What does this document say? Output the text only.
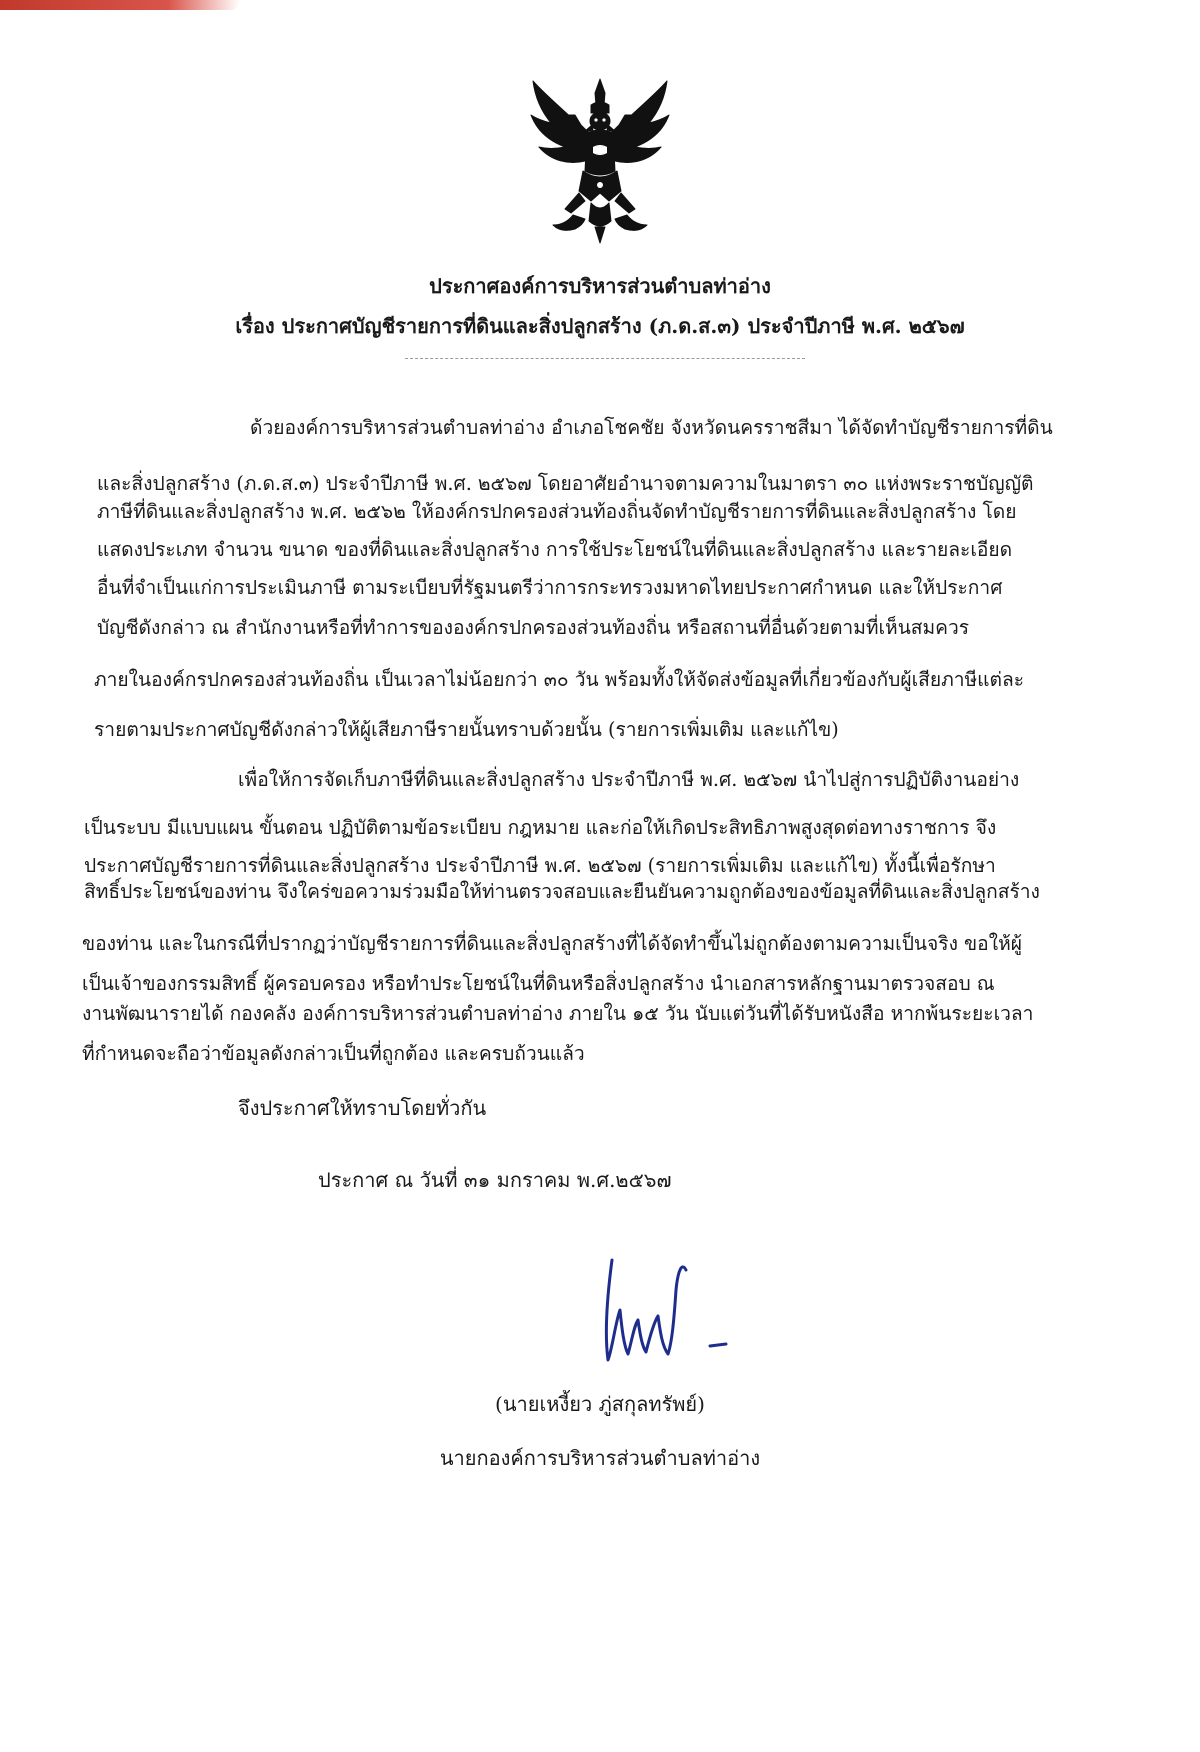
ประกาศองค์การบริหารส่วนตำบลท่าอ่าง
เรื่อง ประกาศบัญชีรายการที่ดินและสิ่งปลูกสร้าง (ภ.ด.ส.๓) ประจำปีภาษี พ.ศ. ๒๕๖๗
ด้วยองค์การบริหารส่วนตำบลท่าอ่าง อำเภอโชคชัย จังหวัดนครราชสีมา ได้จัดทำบัญชีรายการที่ดิน
และสิ่งปลูกสร้าง (ภ.ด.ส.๓) ประจำปีภาษี พ.ศ. ๒๕๖๗ โดยอาศัยอำนาจตามความในมาตรา ๓๐ แห่งพระราชบัญญัติ
ภาษีที่ดินและสิ่งปลูกสร้าง พ.ศ. ๒๕๖๒ ให้องค์กรปกครองส่วนท้องถิ่นจัดทำบัญชีรายการที่ดินและสิ่งปลูกสร้าง โดย
แสดงประเภท จำนวน ขนาด ของที่ดินและสิ่งปลูกสร้าง การใช้ประโยชน์ในที่ดินและสิ่งปลูกสร้าง และรายละเอียด
อื่นที่จำเป็นแก่การประเมินภาษี ตามระเบียบที่รัฐมนตรีว่าการกระทรวงมหาดไทยประกาศกำหนด และให้ประกาศ
บัญชีดังกล่าว ณ สำนักงานหรือที่ทำการขององค์กรปกครองส่วนท้องถิ่น หรือสถานที่อื่นด้วยตามที่เห็นสมควร
ภายในองค์กรปกครองส่วนท้องถิ่น เป็นเวลาไม่น้อยกว่า ๓๐ วัน พร้อมทั้งให้จัดส่งข้อมูลที่เกี่ยวข้องกับผู้เสียภาษีแต่ละ
รายตามประกาศบัญชีดังกล่าวให้ผู้เสียภาษีรายนั้นทราบด้วยนั้น (รายการเพิ่มเติม และแก้ไข)
เพื่อให้การจัดเก็บภาษีที่ดินและสิ่งปลูกสร้าง ประจำปีภาษี พ.ศ. ๒๕๖๗ นำไปสู่การปฏิบัติงานอย่าง
เป็นระบบ มีแบบแผน ขั้นตอน ปฏิบัติตามข้อระเบียบ กฎหมาย และก่อให้เกิดประสิทธิภาพสูงสุดต่อทางราชการ จึง
ประกาศบัญชีรายการที่ดินและสิ่งปลูกสร้าง ประจำปีภาษี พ.ศ. ๒๕๖๗ (รายการเพิ่มเติม และแก้ไข) ทั้งนี้เพื่อรักษา
สิทธิ์ประโยชน์ของท่าน จึงใคร่ขอความร่วมมือให้ท่านตรวจสอบและยืนยันความถูกต้องของข้อมูลที่ดินและสิ่งปลูกสร้าง
ของท่าน และในกรณีที่ปรากฏว่าบัญชีรายการที่ดินและสิ่งปลูกสร้างที่ได้จัดทำขึ้นไม่ถูกต้องตามความเป็นจริง ขอให้ผู้
เป็นเจ้าของกรรมสิทธิ์ ผู้ครอบครอง หรือทำประโยชน์ในที่ดินหรือสิ่งปลูกสร้าง นำเอกสารหลักฐานมาตรวจสอบ ณ
งานพัฒนารายได้ กองคลัง องค์การบริหารส่วนตำบลท่าอ่าง ภายใน ๑๕ วัน นับแต่วันที่ได้รับหนังสือ หากพ้นระยะเวลา
ที่กำหนดจะถือว่าข้อมูลดังกล่าวเป็นที่ถูกต้อง และครบถ้วนแล้ว
จึงประกาศให้ทราบโดยทั่วกัน
ประกาศ ณ วันที่ ๓๑ มกราคม พ.ศ.๒๕๖๗
(นายเหงี้ยว ภู่สกุลทรัพย์)
นายกองค์การบริหารส่วนตำบลท่าอ่าง
